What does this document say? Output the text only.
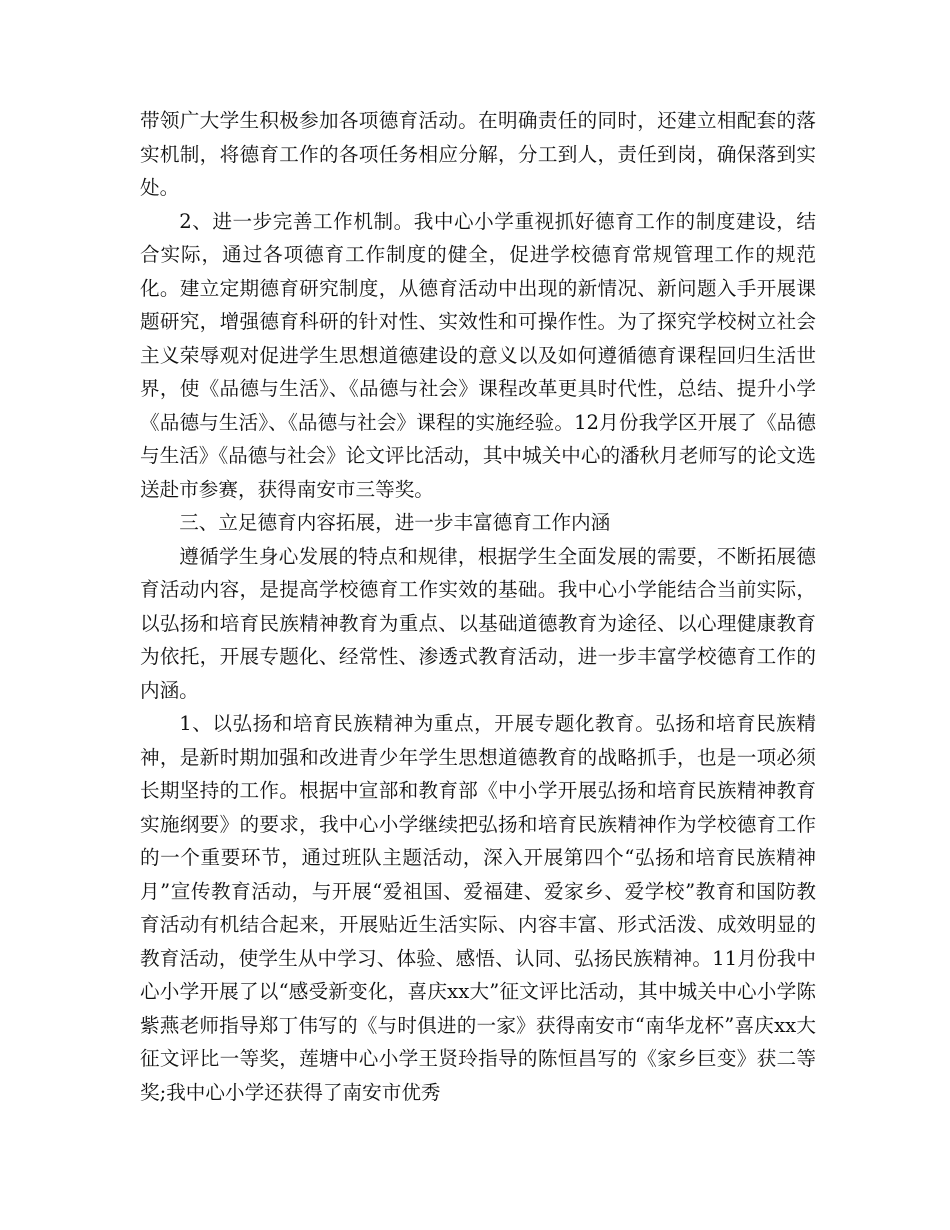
带领广大学生积极参加各项德育活动。在明确责任的同时，还建立相配套的落实机制，将德育工作的各项任务相应分解，分工到人，责任到岗，确保落到实处。

2、进一步完善工作机制。我中心小学重视抓好德育工作的制度建设，结合实际，通过各项德育工作制度的健全，促进学校德育常规管理工作的规范化。建立定期德育研究制度，从德育活动中出现的新情况、新问题入手开展课题研究，增强德育科研的针对性、实效性和可操作性。为了探究学校树立社会主义荣辱观对促进学生思想道德建设的意义以及如何遵循德育课程回归生活世界，使《品德与生活》、《品德与社会》课程改革更具时代性，总结、提升小学《品德与生活》、《品德与社会》课程的实施经验。12月份我学区开展了《品德与生活》《品德与社会》论文评比活动，其中城关中心的潘秋月老师写的论文选送赴市参赛，获得南安市三等奖。

三、立足德育内容拓展，进一步丰富德育工作内涵

遵循学生身心发展的特点和规律，根据学生全面发展的需要，不断拓展德育活动内容，是提高学校德育工作实效的基础。我中心小学能结合当前实际，以弘扬和培育民族精神教育为重点、以基础道德教育为途径、以心理健康教育为依托，开展专题化、经常性、渗透式教育活动，进一步丰富学校德育工作的内涵。

1、以弘扬和培育民族精神为重点，开展专题化教育。弘扬和培育民族精神，是新时期加强和改进青少年学生思想道德教育的战略抓手，也是一项必须长期坚持的工作。根据中宣部和教育部《中小学开展弘扬和培育民族精神教育实施纲要》的要求，我中心小学继续把弘扬和培育民族精神作为学校德育工作的一个重要环节，通过班队主题活动，深入开展第四个“弘扬和培育民族精神月”宣传教育活动，与开展“爱祖国、爱福建、爱家乡、爱学校”教育和国防教育活动有机结合起来，开展贴近生活实际、内容丰富、形式活泼、成效明显的教育活动，使学生从中学习、体验、感悟、认同、弘扬民族精神。11月份我中心小学开展了以“感受新变化，喜庆xx大”征文评比活动，其中城关中心小学陈紫燕老师指导郑丁伟写的《与时俱进的一家》获得南安市“南华龙杯”喜庆xx大征文评比一等奖，莲塘中心小学王贤玲指导的陈恒昌写的《家乡巨变》获二等奖;我中心小学还获得了南安市优秀
